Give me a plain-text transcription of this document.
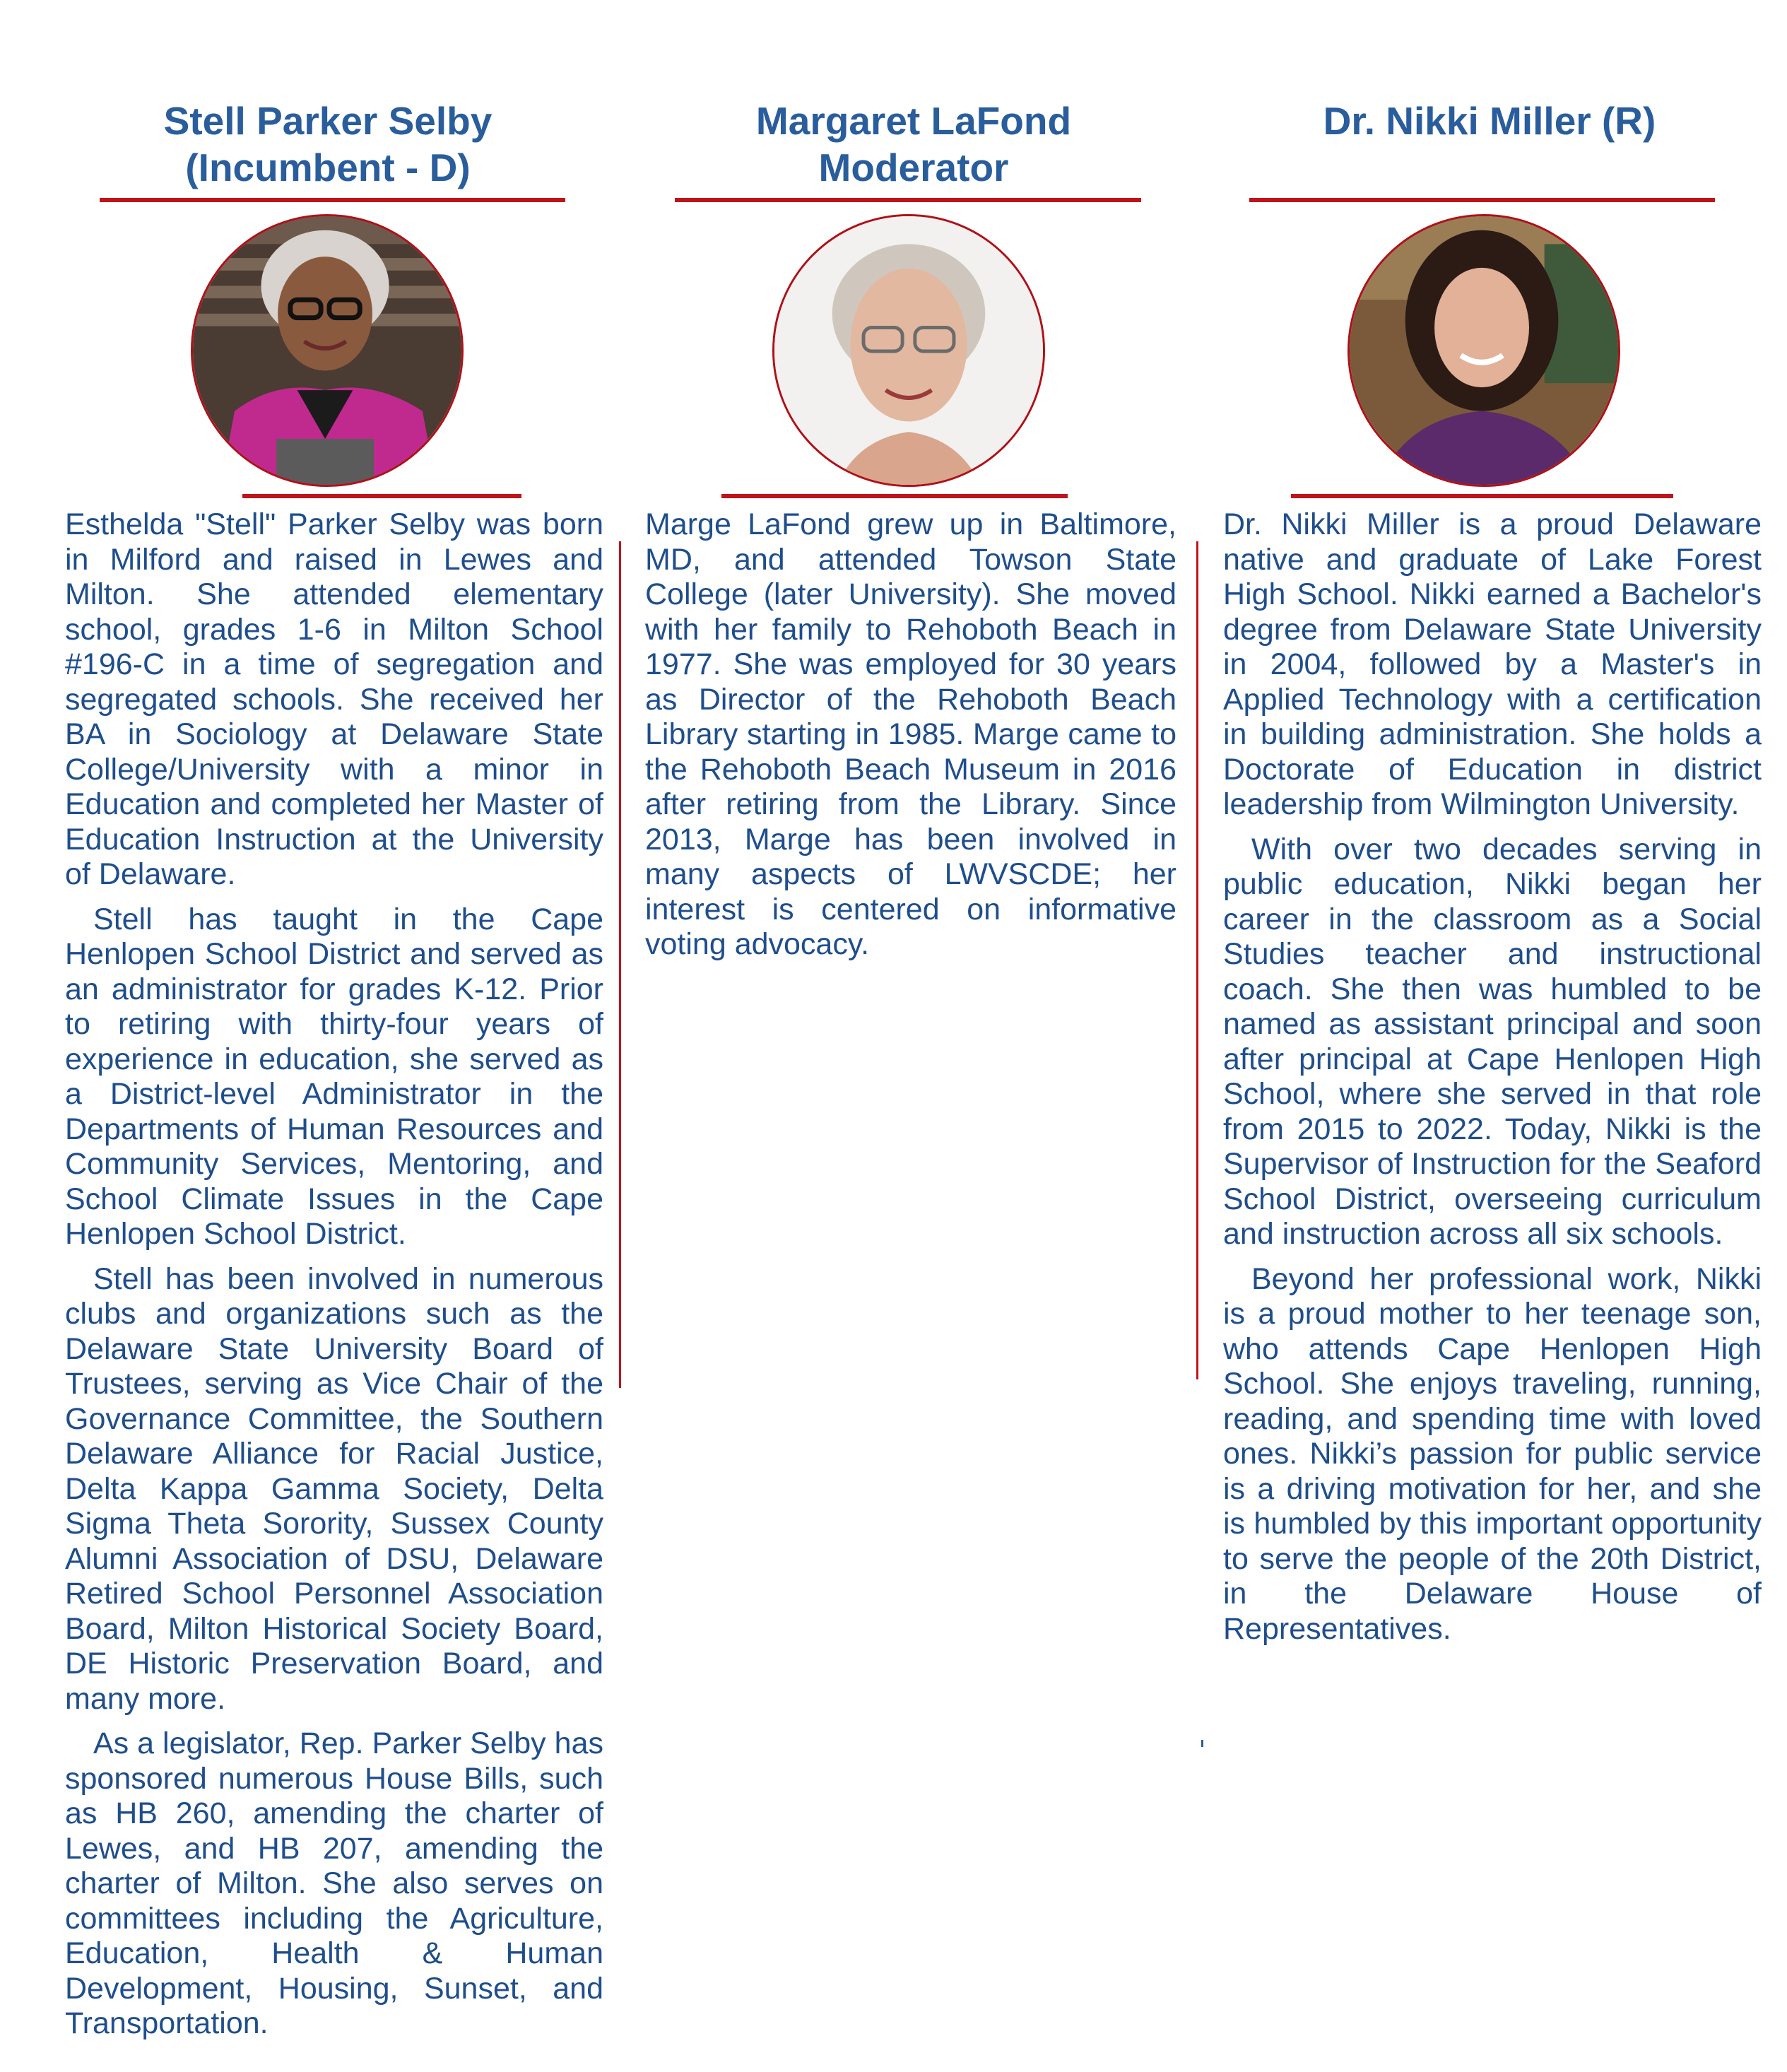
Stell Parker Selby
(Incumbent - D)

Esthelda "Stell" Parker Selby was born in Milford and raised in Lewes and Milton. She attended elementary school, grades 1-6 in Milton School #196-C in a time of segregation and segregated schools. She received her BA in Sociology at Delaware State College/University with a minor in Education and completed her Master of Education Instruction at the University of Delaware.

Stell has taught in the Cape Henlopen School District and served as an administrator for grades K-12. Prior to retiring with thirty-four years of experience in education, she served as a District-level Administrator in the Departments of Human Resources and Community Services, Mentoring, and School Climate Issues in the Cape Henlopen School District.

Stell has been involved in numerous clubs and organizations such as the Delaware State University Board of Trustees, serving as Vice Chair of the Governance Committee, the Southern Delaware Alliance for Racial Justice, Delta Kappa Gamma Society, Delta Sigma Theta Sorority, Sussex County Alumni Association of DSU, Delaware Retired School Personnel Association Board, Milton Historical Society Board, DE Historic Preservation Board, and many more.

As a legislator, Rep. Parker Selby has sponsored numerous House Bills, such as HB 260, amending the charter of Lewes, and HB 207, amending the charter of Milton. She also serves on committees including the Agriculture, Education, Health & Human Development, Housing, Sunset, and Transportation.

Margaret LaFond
Moderator

Marge LaFond grew up in Baltimore, MD, and attended Towson State College (later University). She moved with her family to Rehoboth Beach in 1977. She was employed for 30 years as Director of the Rehoboth Beach Library starting in 1985. Marge came to the Rehoboth Beach Museum in 2016 after retiring from the Library. Since 2013, Marge has been involved in many aspects of LWVSCDE; her interest is centered on informative voting advocacy.

Dr. Nikki Miller (R)

Dr. Nikki Miller is a proud Delaware native and graduate of Lake Forest High School. Nikki earned a Bachelor's degree from Delaware State University in 2004, followed by a Master's in Applied Technology with a certification in building administration. She holds a Doctorate of Education in district leadership from Wilmington University.

With over two decades serving in public education, Nikki began her career in the classroom as a Social Studies teacher and instructional coach. She then was humbled to be named as assistant principal and soon after principal at Cape Henlopen High School, where she served in that role from 2015 to 2022. Today, Nikki is the Supervisor of Instruction for the Seaford School District, overseeing curriculum and instruction across all six schools.

Beyond her professional work, Nikki is a proud mother to her teenage son, who attends Cape Henlopen High School. She enjoys traveling, running, reading, and spending time with loved ones. Nikki’s passion for public service is a driving motivation for her, and she is humbled by this important opportunity to serve the people of the 20th District, in the Delaware House of Representatives.
